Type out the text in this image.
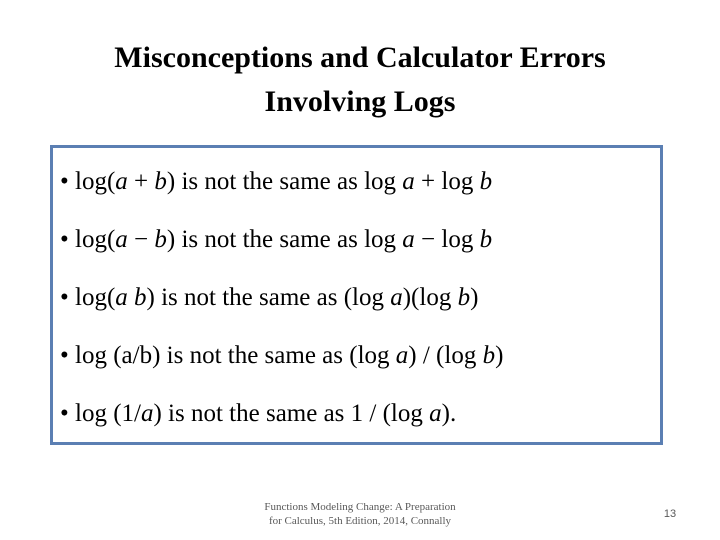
Misconceptions and Calculator Errors
Involving Logs
• log(a + b) is not the same as log a + log b
• log(a − b) is not the same as log a − log b
• log(a b) is not the same as (log a)(log b)
• log (a/b) is not the same as (log a) / (log b)
• log (1/a) is not the same as 1 / (log a).
Functions Modeling Change: A Preparation
for Calculus, 5th Edition, 2014, Connally
13
